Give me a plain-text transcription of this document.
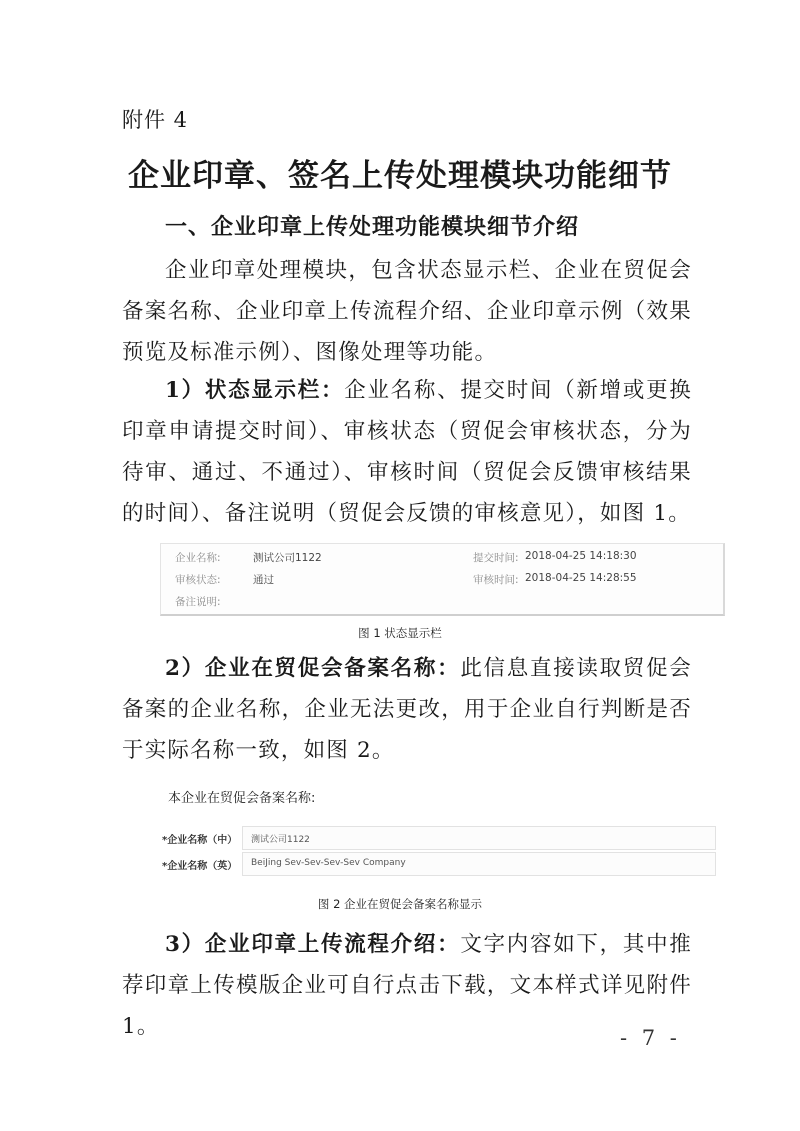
附件 4
企业印章、签名上传处理模块功能细节
一、企业印章上传处理功能模块细节介绍
企业印章处理模块，包含状态显示栏、企业在贸促会备案名称、企业印章上传流程介绍、企业印章示例（效果预览及标准示例）、图像处理等功能。
1）状态显示栏：企业名称、提交时间（新增或更换印章申请提交时间）、审核状态（贸促会审核状态，分为待审、通过、不通过）、审核时间（贸促会反馈审核结果的时间）、备注说明（贸促会反馈的审核意见），如图 1。
企业名称:	测试公司1122	提交时间: 2018-04-25 14:18:30
审核状态:	通过	审核时间: 2018-04-25 14:28:55
备注说明:
图 1 状态显示栏
2）企业在贸促会备案名称：此信息直接读取贸促会备案的企业名称，企业无法更改，用于企业自行判断是否于实际名称一致，如图 2。
本企业在贸促会备案名称:
*企业名称（中） 测试公司1122
*企业名称（英） BeiJing Sev-Sev-Sev-Sev Company
图 2 企业在贸促会备案名称显示
3）企业印章上传流程介绍：文字内容如下，其中推荐印章上传模版企业可自行点击下载，文本样式详见附件 1。	- 7 -
